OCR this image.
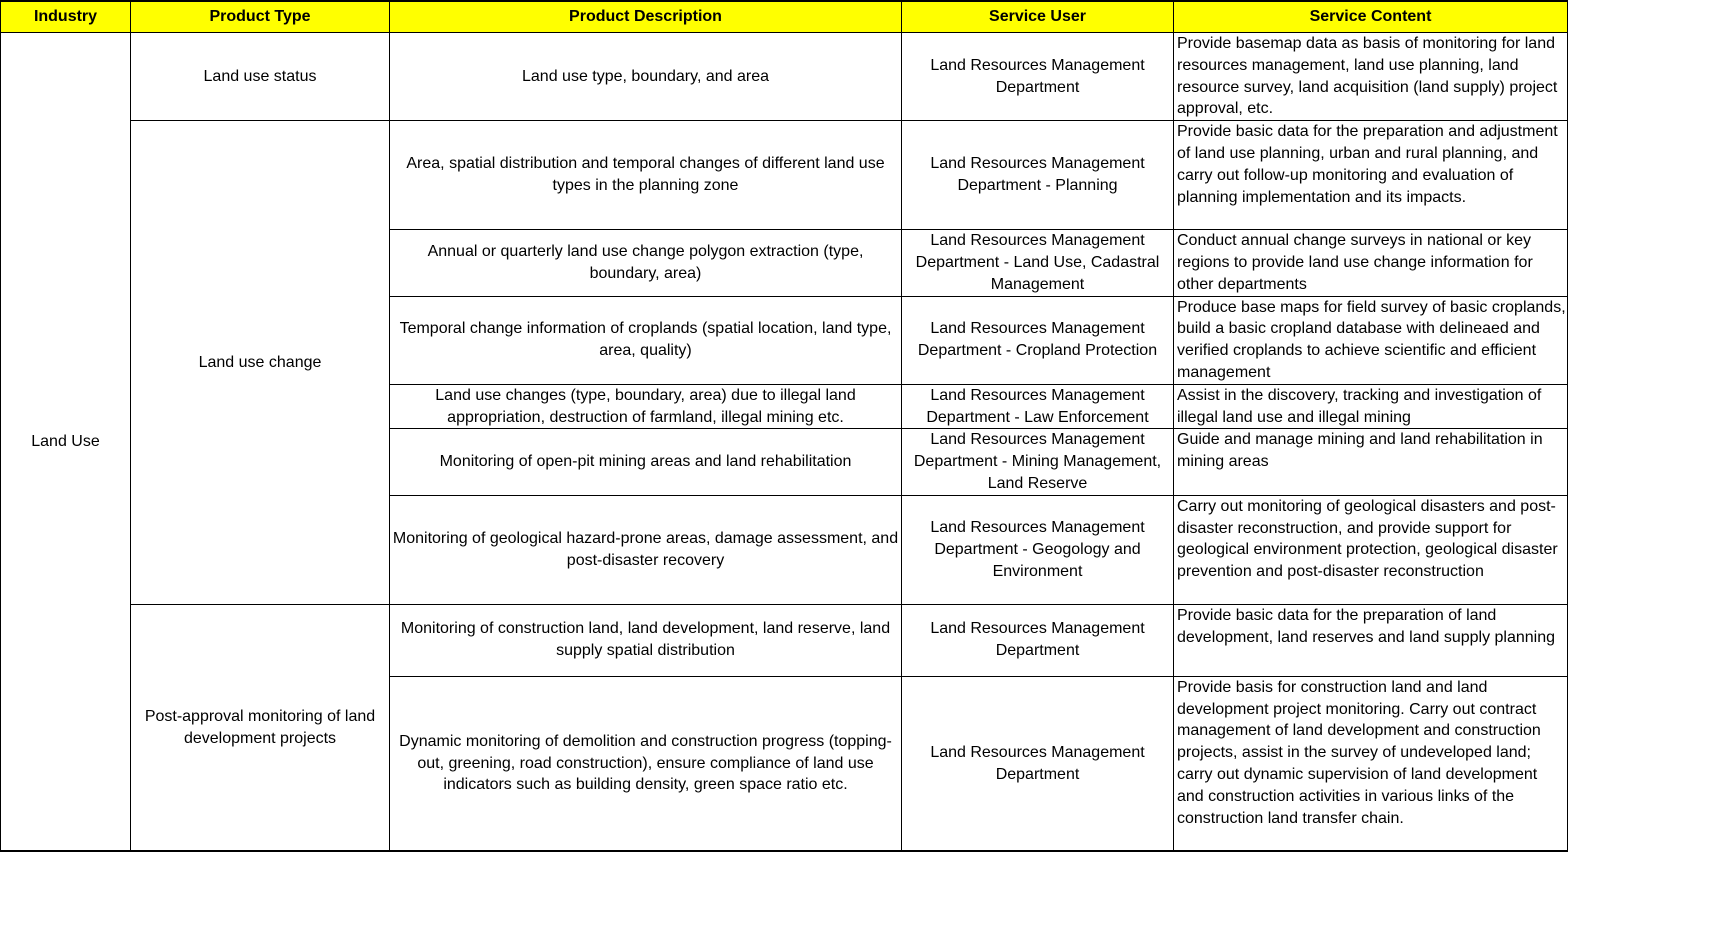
Industry	Product Type	Product Description	Service User	Service Content
Land Use	Land use status	Land use type, boundary, and area	Land Resources Management Department	Provide basemap data as basis of monitoring for land resources management, land use planning, land resource survey, land acquisition (land supply) project approval, etc.
	Land use change	Area, spatial distribution and temporal changes of different land use types in the planning zone	Land Resources Management Department - Planning	Provide basic data for the preparation and adjustment of land use planning, urban and rural planning, and carry out follow-up monitoring and evaluation of planning implementation and its impacts.
		Annual or quarterly land use change polygon extraction (type, boundary, area)	Land Resources Management Department - Land Use, Cadastral Management	Conduct annual change surveys in national or key regions to provide land use change information for other departments
		Temporal change information of croplands (spatial location, land type, area, quality)	Land Resources Management Department - Cropland Protection	Produce base maps for field survey of basic croplands, build a basic cropland database with delineaed and verified croplands to achieve scientific and efficient management
		Land use changes (type, boundary, area) due to illegal land appropriation, destruction of farmland, illegal mining etc.	Land Resources Management Department - Law Enforcement	Assist in the discovery, tracking and investigation of illegal land use and illegal mining
		Monitoring of open-pit mining areas and land rehabilitation	Land Resources Management Department - Mining Management, Land Reserve	Guide and manage mining and land rehabilitation in mining areas
		Monitoring of geological hazard-prone areas, damage assessment, and post-disaster recovery	Land Resources Management Department - Geogology and Environment	Carry out monitoring of geological disasters and post-disaster reconstruction, and provide support for geological environment protection, geological disaster prevention and post-disaster reconstruction
	Post-approval monitoring of land development projects	Monitoring of construction land, land development, land reserve, land supply spatial distribution	Land Resources Management Department	Provide basic data for the preparation of land development, land reserves and land supply planning
		Dynamic monitoring of demolition and construction progress (topping-out, greening, road construction), ensure compliance of land use indicators such as building density, green space ratio etc.	Land Resources Management Department	Provide basis for construction land and land development project monitoring. Carry out contract management of land development and construction projects, assist in the survey of undeveloped land; carry out dynamic supervision of land development and construction activities in various links of the construction land transfer chain.
